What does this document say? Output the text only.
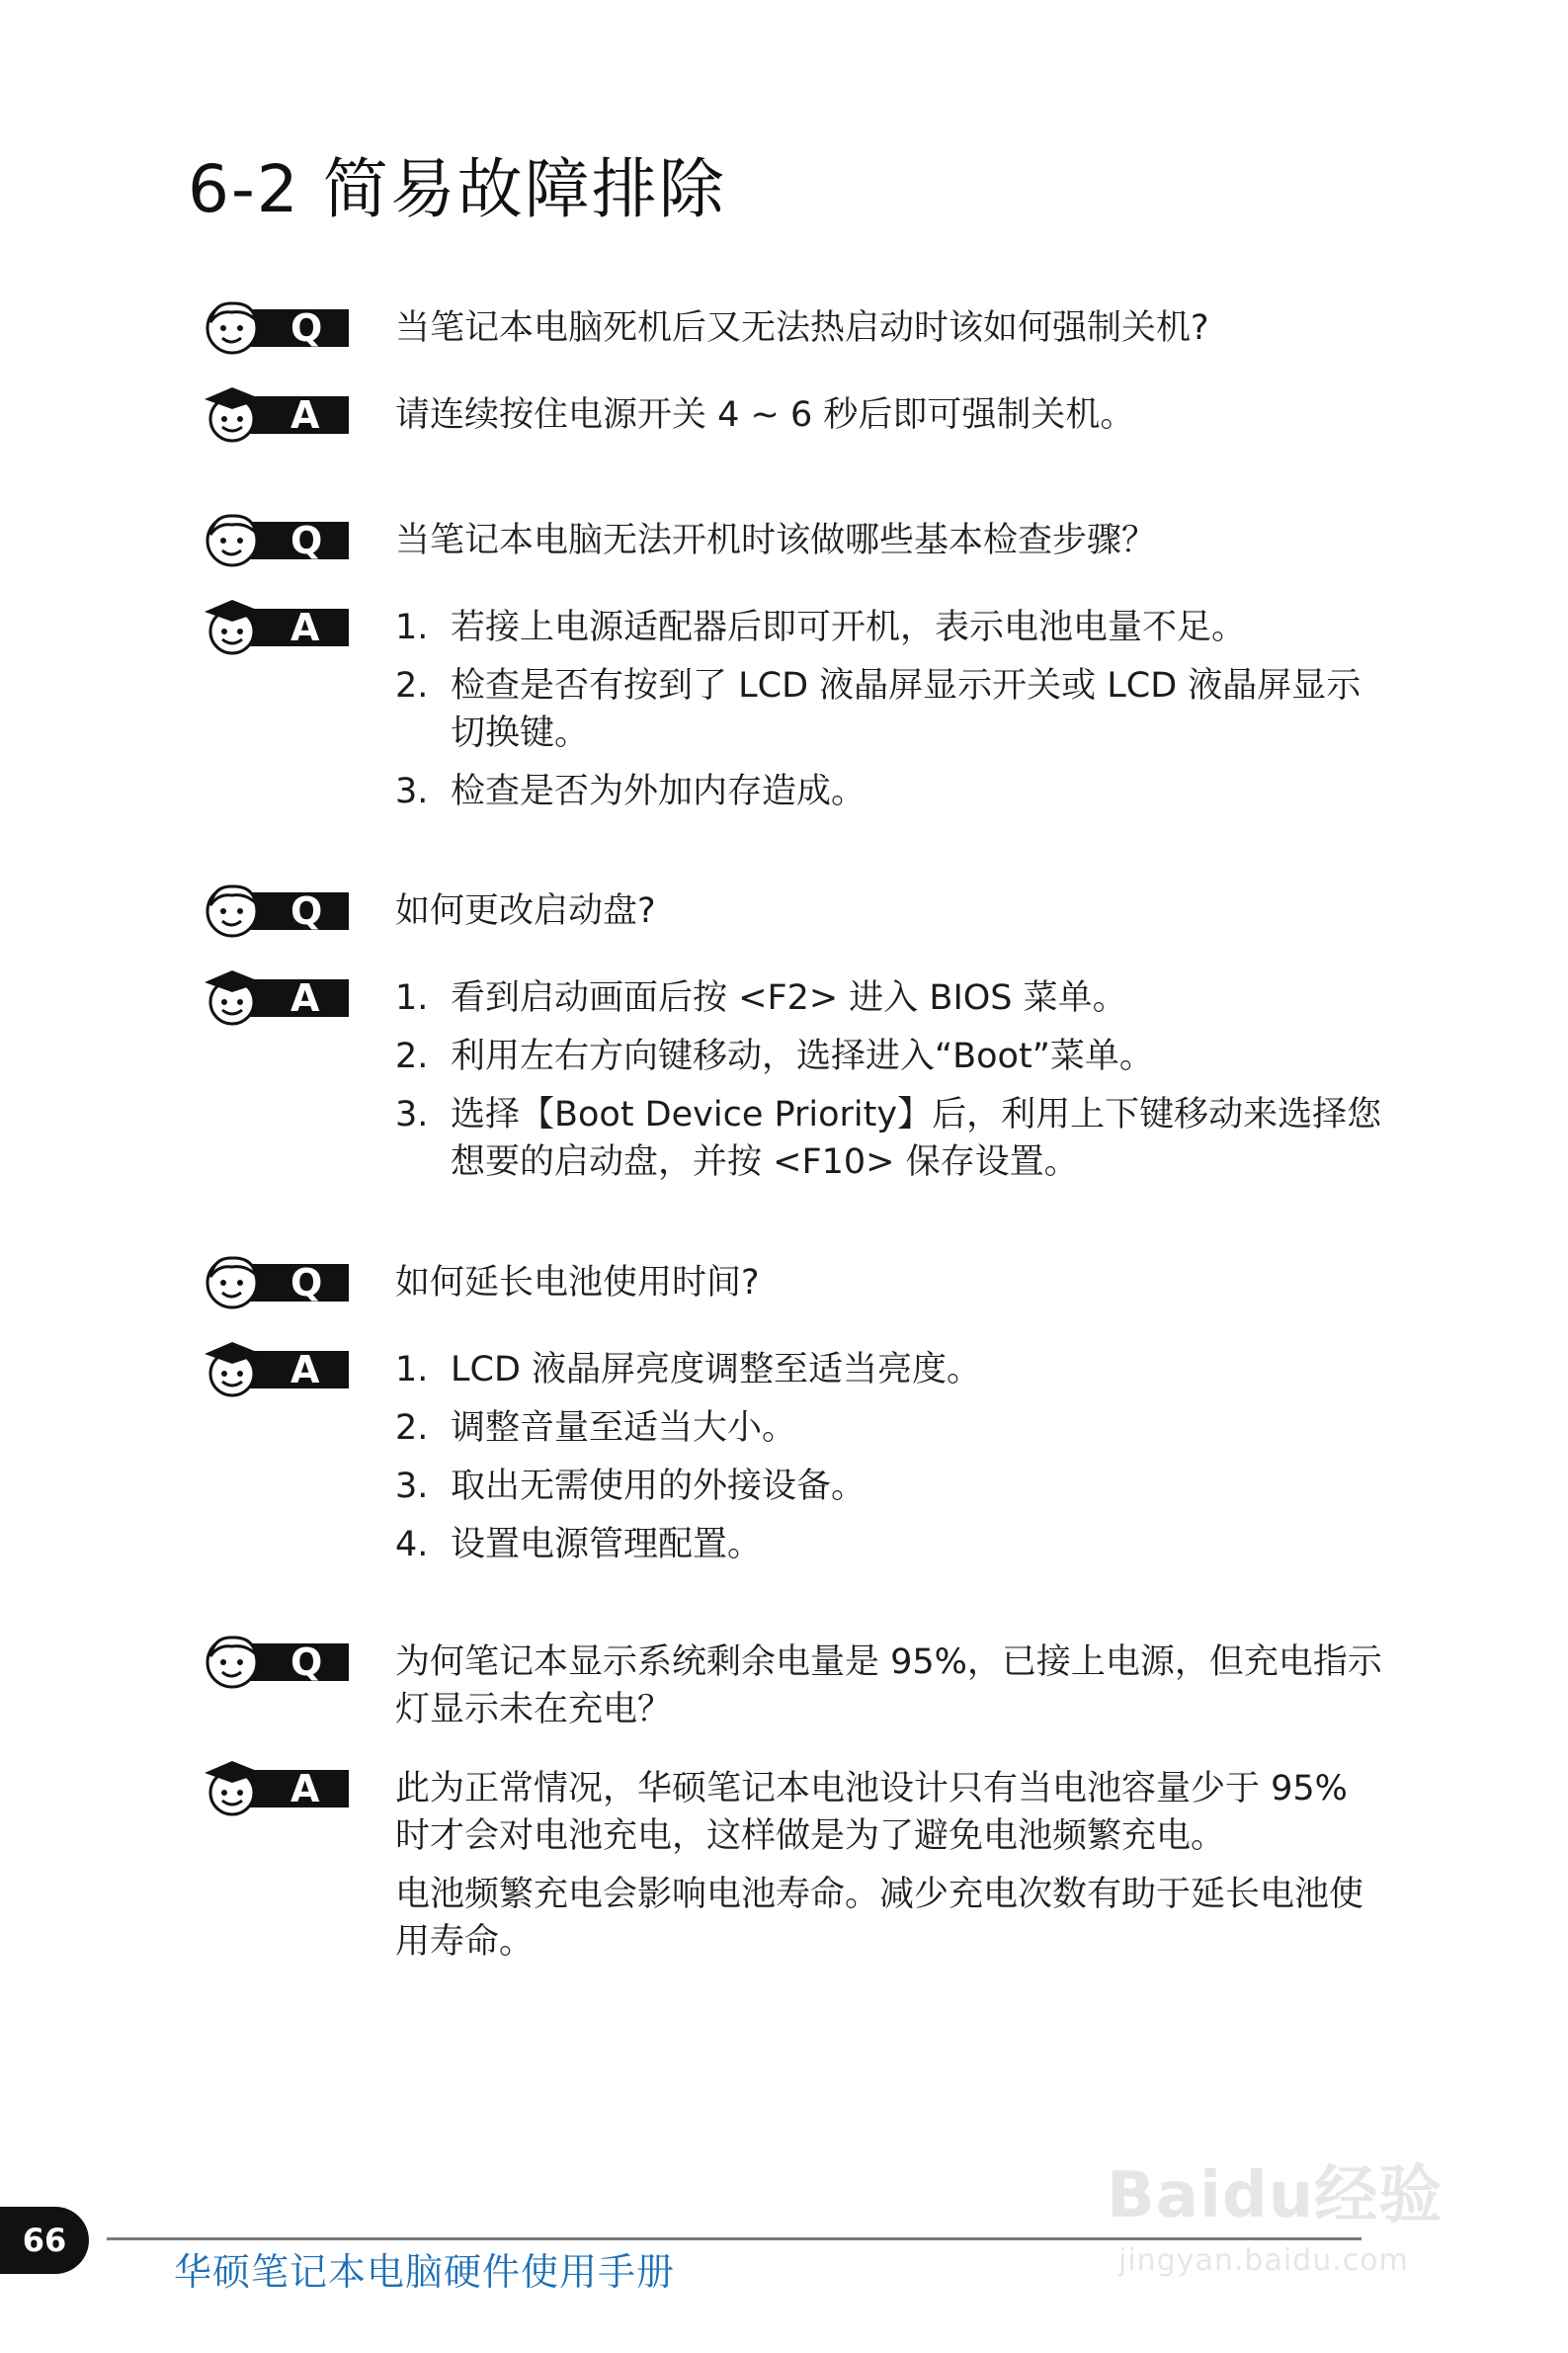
6-2 简易故障排除
Q 当笔记本电脑死机后又无法热启动时该如何强制关机?
A 请连续按住电源开关 4 ~ 6 秒后即可强制关机。

Q 当笔记本电脑无法开机时该做哪些基本检查步骤？
A 1. 若接上电源适配器后即可开机，表示电池电量不足。
2. 检查是否有按到了 LCD 液晶屏显示开关或 LCD 液晶屏显示切换键。
3. 检查是否为外加内存造成。
Q 如何更改启动盘?
A 1. 看到启动画面后按 <F2> 进入 BIOS 菜单。
2. 利用左右方向键移动，选择进入“Boot”菜单。
3. 选择【Boot Device Priority】后，利用上下键移动来选择您想要的启动盘，并按 <F10> 保存设置。
Q 如何延长电池使用时间?
A 1. LCD 液晶屏亮度调整至适当亮度。
2. 调整音量至适当大小。
3. 取出无需使用的外接设备。
4. 设置电源管理配置。
Q 为何笔记本显示系统剩余电量是 95%，已接上电源，但充电指示灯显示未在充电？
A 此为正常情况，华硕笔记本电池设计只有当电池容量少于 95% 时才会对电池充电，这样做是为了避免电池频繁充电。

电池频繁充电会影响电池寿命。减少充电次数有助于延长电池使用寿命。

Baidu经验
jingyan.baidu.com
66
华硕笔记本电脑硬件使用手册
